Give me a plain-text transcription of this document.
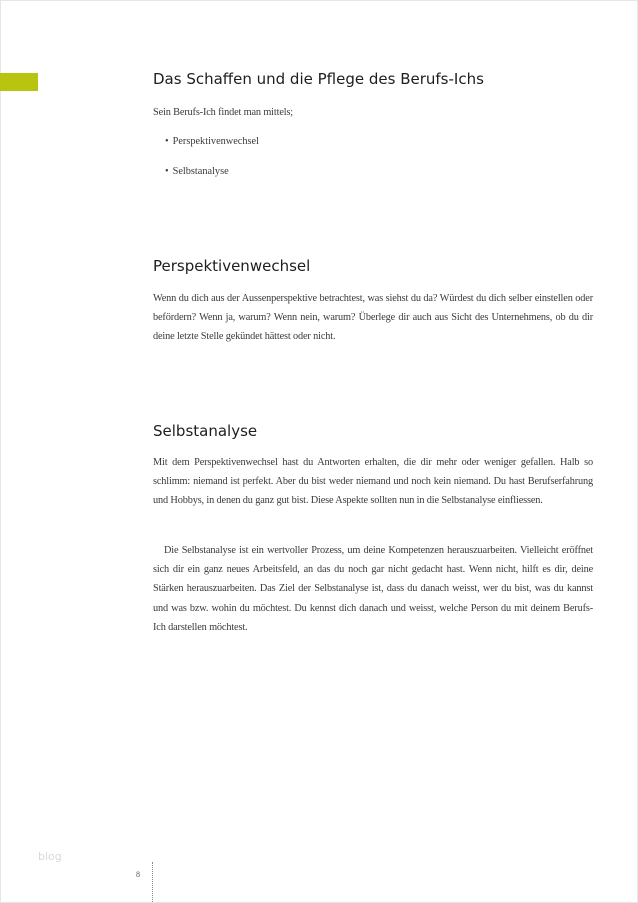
Das Schaffen und die Pflege des Berufs-Ichs

Sein Berufs-Ich findet man mittels;

• Perspektivenwechsel
• Selbstanalyse
Perspektivenwechsel

Wenn du dich aus der Aussenperspektive betrachtest, was siehst du da? Würdest du dich selber einstellen oder befördern? Wenn ja, warum? Wenn nein, warum? Überlege dir auch aus Sicht des Unternehmens, ob du dir deine letzte Stelle gekündet hättest oder nicht.

Selbstanalyse

Mit dem Perspektivenwechsel hast du Antworten erhalten, die dir mehr oder weniger gefallen. Halb so schlimm: niemand ist perfekt. Aber du bist weder niemand und noch kein niemand. Du hast Berufserfahrung und Hobbys, in denen du ganz gut bist. Diese Aspekte sollten nun in die Selbstanalyse einfliessen.

Die Selbstanalyse ist ein wertvoller Prozess, um deine Kompetenzen herauszuarbeiten. Vielleicht eröffnet sich dir ein ganz neues Arbeitsfeld, an das du noch gar nicht gedacht hast. Wenn nicht, hilft es dir, deine Stärken herauszuarbeiten. Das Ziel der Selbstanalyse ist, dass du danach weisst, wer du bist, was du kannst und was bzw. wohin du möchtest. Du kennst dich danach und weisst, welche Person du mit deinem Berufs-Ich darstellen möchtest.

blog
8
